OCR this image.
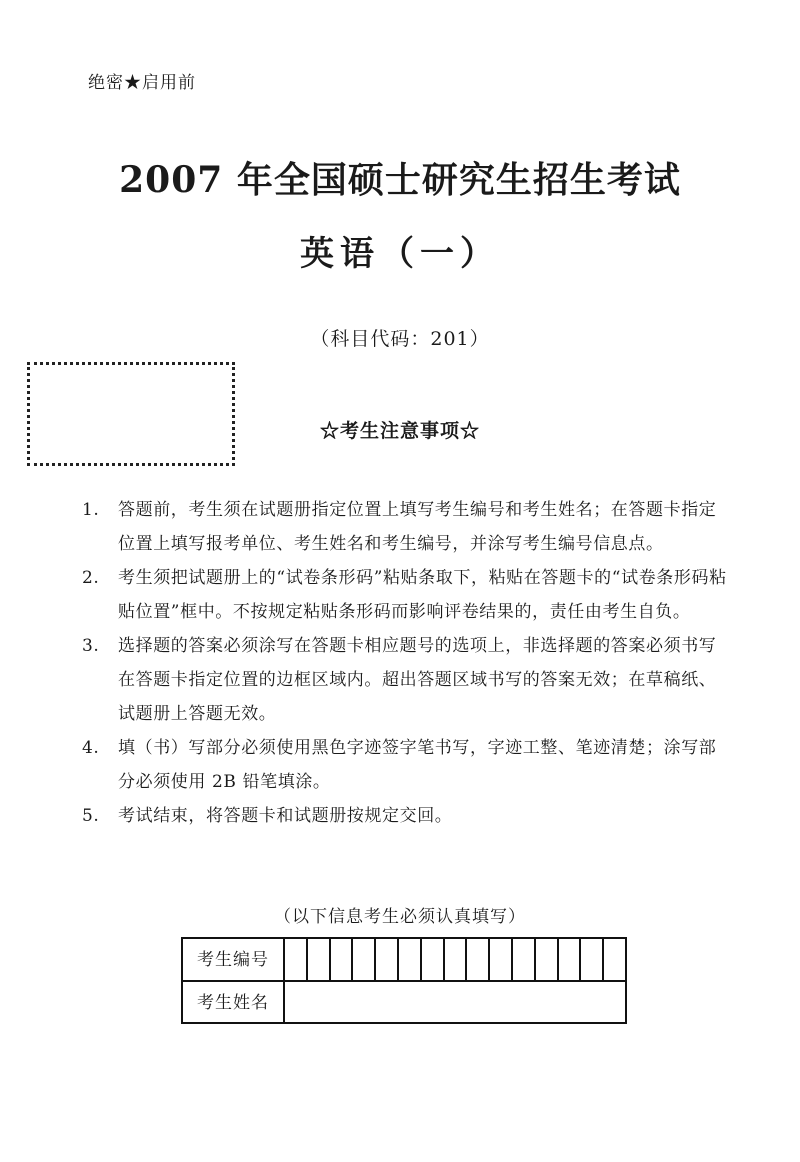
绝密★启用前
2007 年全国硕士研究生招生考试
英语（一）
（科目代码：201）
☆考生注意事项☆
1. 答题前，考生须在试题册指定位置上填写考生编号和考生姓名；在答题卡指定位置上填写报考单位、考生姓名和考生编号，并涂写考生编号信息点。
2. 考生须把试题册上的“试卷条形码”粘贴条取下，粘贴在答题卡的“试卷条形码粘贴位置”框中。不按规定粘贴条形码而影响评卷结果的，责任由考生自负。
3. 选择题的答案必须涂写在答题卡相应题号的选项上，非选择题的答案必须书写在答题卡指定位置的边框区域内。超出答题区域书写的答案无效；在草稿纸、试题册上答题无效。
4. 填（书）写部分必须使用黑色字迹签字笔书写，字迹工整、笔迹清楚；涂写部分必须使用 2B 铅笔填涂。
5. 考试结束，将答题卡和试题册按规定交回。
（以下信息考生必须认真填写）
考生编号
考生姓名
